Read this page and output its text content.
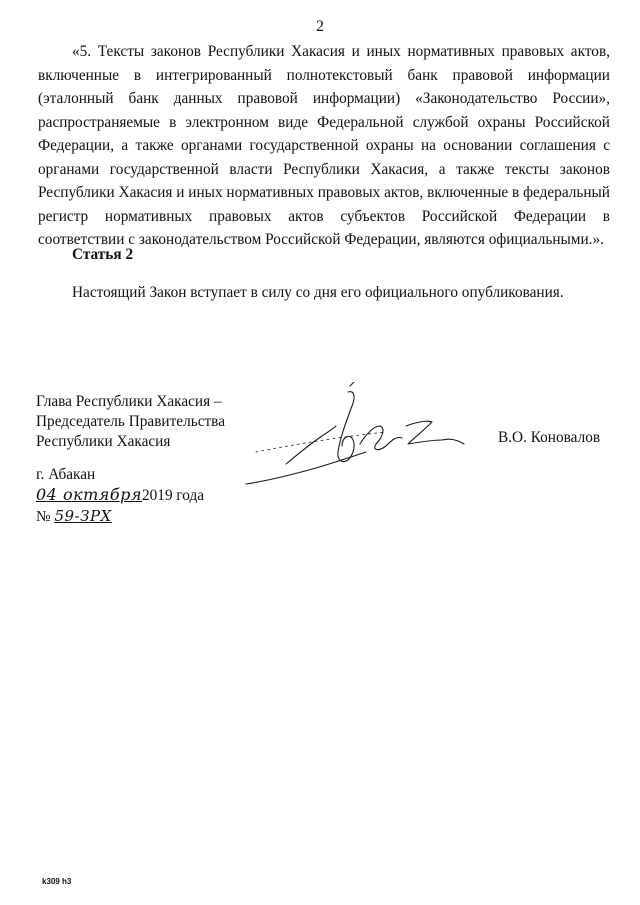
2
«5. Тексты законов Республики Хакасия и иных нормативных правовых актов, включенные в интегрированный полнотекстовый банк правовой информации (эталонный банк данных правовой информации) «Законодательство России», распространяемые в электронном виде Федеральной службой охраны Российской Федерации, а также органами государственной охраны на основании соглашения с органами государственной власти Республики Хакасия, а также тексты законов Республики Хакасия и иных нормативных правовых актов, включенные в федеральный регистр нормативных правовых актов субъектов Российской Федерации в соответствии с законодательством Российской Федерации, являются официальными.».
Статья 2
Настоящий Закон вступает в силу со дня его официального опубликования.
Глава Республики Хакасия –
Председатель Правительства
Республики Хакасия	В.О. Коновалов
г. Абакан
04 октября2019 года
№ 59-ЗРХ
k309 h3
